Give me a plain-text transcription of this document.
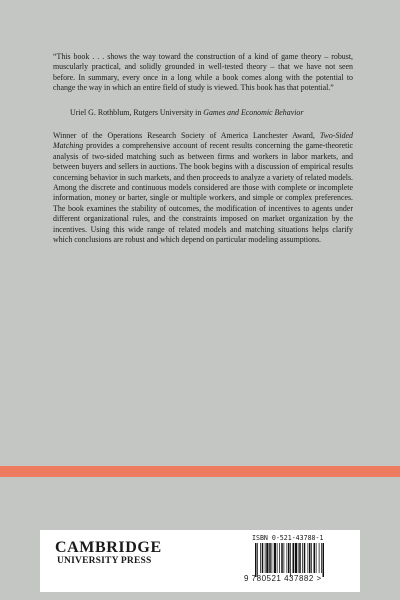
“This book . . . shows the way toward the construction of a kind of game theory – robust, muscularly practical, and solidly grounded in well-tested theory – that we have not seen before. In summary, every once in a long while a book comes along with the potential to change the way in which an entire field of study is viewed. This book has that potential.”
Uriel G. Rothblum, Rutgers University in Games and Economic Behavior
Winner of the Operations Research Society of America Lanchester Award, Two-Sided Matching provides a comprehensive account of recent results concerning the game-theoretic analysis of two-sided matching such as between firms and workers in labor markets, and between buyers and sellers in auctions. The book begins with a discussion of empirical results concerning behavior in such markets, and then proceeds to analyze a variety of related models. Among the discrete and continuous models considered are those with complete or incomplete information, money or barter, single or multiple workers, and simple or complex preferences. The book examines the stability of outcomes, the modification of incentives to agents under different organizational rules, and the constraints imposed on market organization by the incentives. Using this wide range of related models and matching situations helps clarify which conclusions are robust and which depend on particular modeling assumptions.
CAMBRIDGE
UNIVERSITY PRESS
ISBN 0-521-43788-1
9 780521 437882 >
